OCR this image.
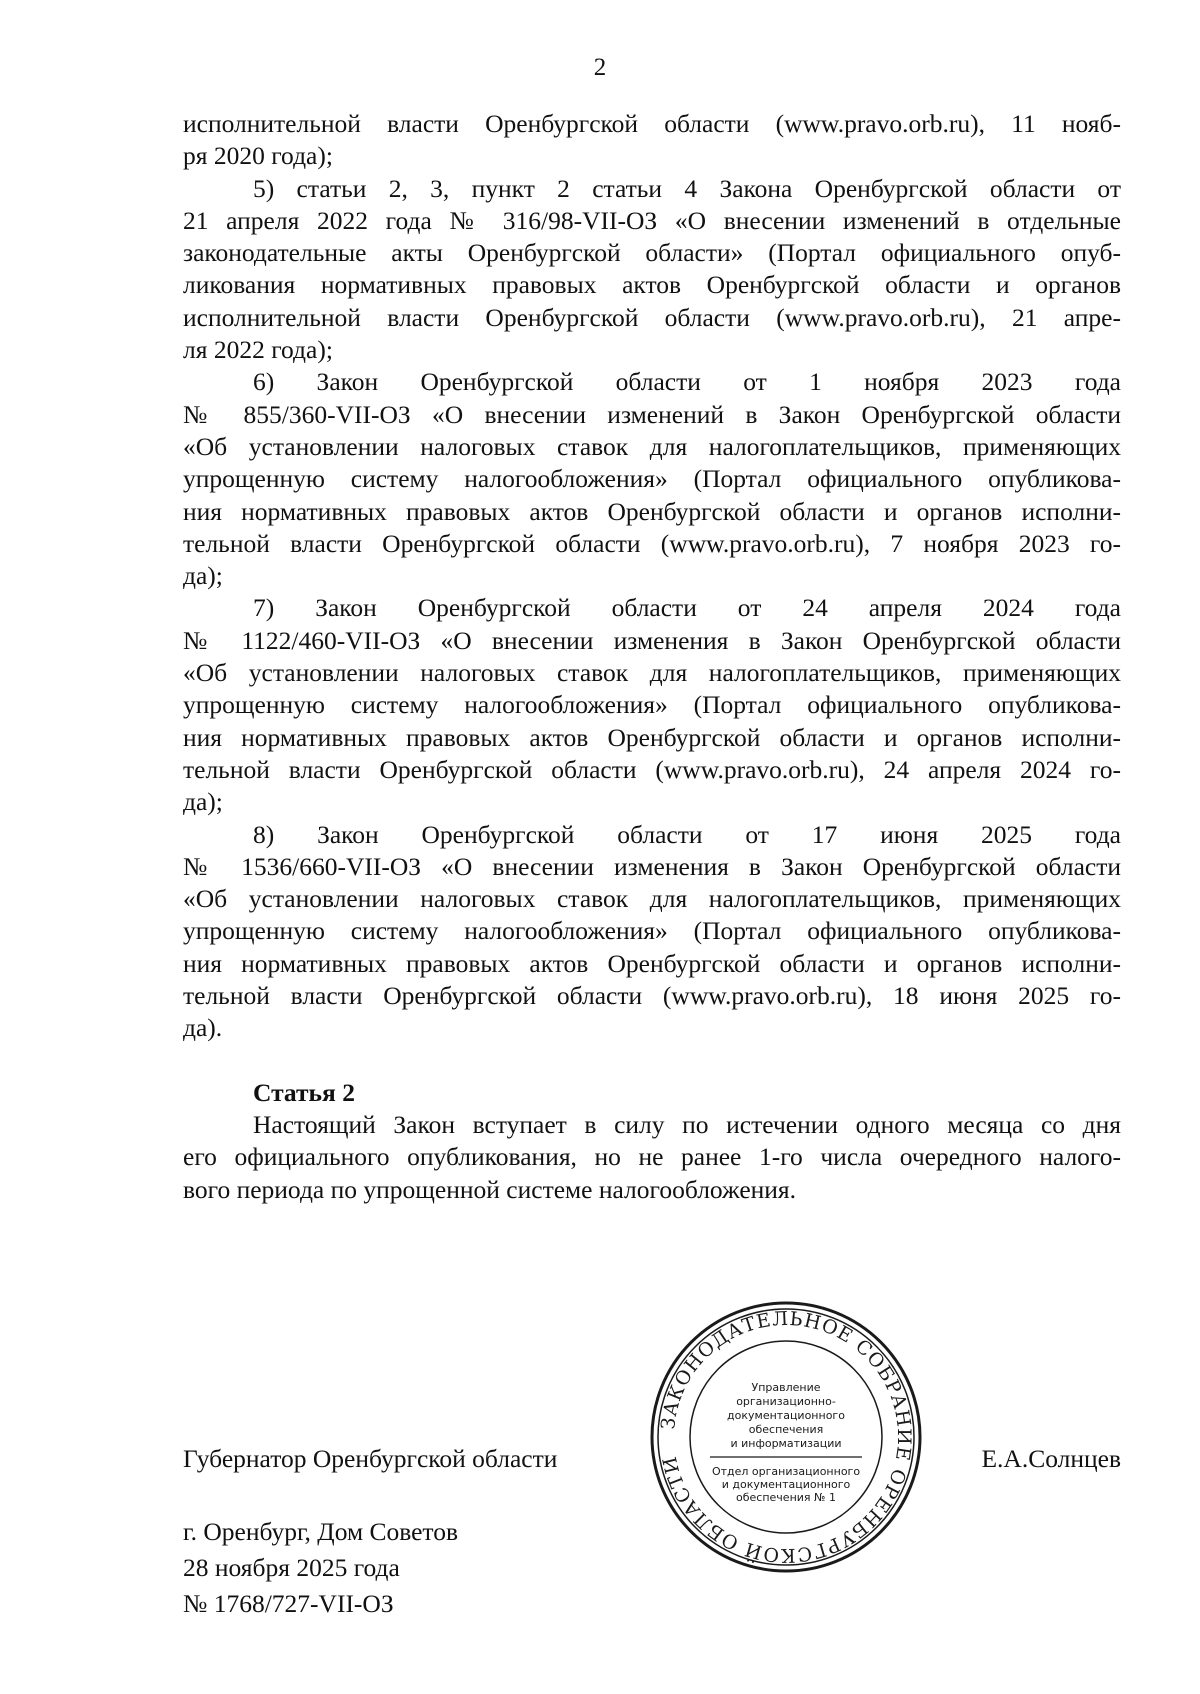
2
исполнительной власти Оренбургской области (www.pravo.orb.ru), 11 нояб-
ря 2020 года);
5) статьи 2, 3, пункт 2 статьи 4 Закона Оренбургской области от
21 апреля 2022 года № 316/98-VII-ОЗ «О внесении изменений в отдельные
законодательные акты Оренбургской области» (Портал официального опуб-
ликования нормативных правовых актов Оренбургской области и органов
исполнительной власти Оренбургской области (www.pravo.orb.ru), 21 апре-
ля 2022 года);
6) Закон Оренбургской области от 1 ноября 2023 года
№ 855/360-VII-ОЗ «О внесении изменений в Закон Оренбургской области
«Об установлении налоговых ставок для налогоплательщиков, применяющих
упрощенную систему налогообложения» (Портал официального опубликова-
ния нормативных правовых актов Оренбургской области и органов исполни-
тельной власти Оренбургской области (www.pravo.orb.ru), 7 ноября 2023 го-
да);
7) Закон Оренбургской области от 24 апреля 2024 года
№ 1122/460-VII-ОЗ «О внесении изменения в Закон Оренбургской области
«Об установлении налоговых ставок для налогоплательщиков, применяющих
упрощенную систему налогообложения» (Портал официального опубликова-
ния нормативных правовых актов Оренбургской области и органов исполни-
тельной власти Оренбургской области (www.pravo.orb.ru), 24 апреля 2024 го-
да);
8) Закон Оренбургской области от 17 июня 2025 года
№ 1536/660-VII-ОЗ «О внесении изменения в Закон Оренбургской области
«Об установлении налоговых ставок для налогоплательщиков, применяющих
упрощенную систему налогообложения» (Портал официального опубликова-
ния нормативных правовых актов Оренбургской области и органов исполни-
тельной власти Оренбургской области (www.pravo.orb.ru), 18 июня 2025 го-
да).
Статья 2
Настоящий Закон вступает в силу по истечении одного месяца со дня
его официального опубликования, но не ранее 1-го числа очередного налого-
вого периода по упрощенной системе налогообложения.
ЗАКОНОДАТЕЛЬНОЕ СОБРАНИЕ ОРЕНБУРГСКОЙ ОБЛАСТИ
Управление
организационно-
документационного
обеспечения
и информатизации
Отдел организационного
и документационного
обеспечения № 1
Губернатор Оренбургской области	Е.А.Солнцев
г. Оренбург, Дом Советов
28 ноября 2025 года
№ 1768/727-VII-ОЗ
